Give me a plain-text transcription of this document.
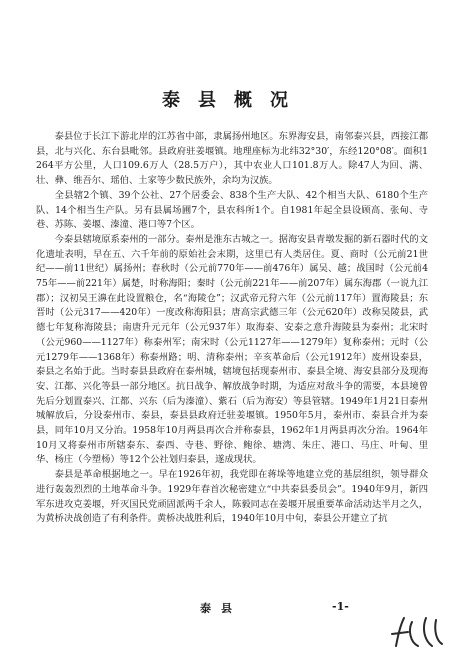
泰县概况

泰县位于长江下游北岸的江苏省中部，隶属扬州地区。东界海安县，南邻泰兴县，西接江都县，北与兴化、东台县毗邻。县政府驻姜堰镇。地理座标为北纬32°30′，东经120°08′。面积1264平方公里，人口109.6万人（28.5万户），其中农业人口101.8万人。除47人为回、满、壮、彝、维吾尔、瑶伯、土家等少数民族外，余均为汉族。

全县辖2个镇、39个公社、27个居委会、838个生产大队、42个相当大队、6180个生产队、14个相当生产队。另有县属场圃7个，县农科所1个。自1981年起全县设顾高、张甸、寺巷、苏陈、姜堰、溱潼、港口等7个区。

今泰县辖境原系泰州的一部分。泰州是淮东古城之一。据海安县青墩发掘的新石器时代的文化遗址表明，早在五、六千年前的原始社会末期，这里已有人类居住。夏、商时（公元前21世纪——前11世纪）属扬州；春秋时（公元前770年——前476年）属吴、越；战国时（公元前475年——前221年）属楚，时称海阳；秦时（公元前221年——前207年）属东海郡（一说九江郡）；汉初吴王濞在此设置粮仓，名“海陵仓”；汉武帝元狩六年（公元前117年）置海陵县；东晋时（公元317——420年）一度改称海阳县；唐高宗武德三年（公元620年）改称吴陵县，武德七年复称海陵县；南唐升元元年（公元937年）取海泰、安泰之意升海陵县为泰州；北宋时（公元960——1127年）称泰州军；南宋时（公元1127年——1279年）复称泰州；元时（公元1279年——1368年）称泰州路；明、清称泰州；辛亥革命后（公元1912年）废州设泰县，泰县之名始于此。当时泰县县政府在泰州城，辖境包括现泰州市、泰县全境、海安县部分及现海安、江都、兴化等县一部分地区。抗日战争、解放战争时期，为适应对敌斗争的需要，本县境曾先后分划置泰兴、江都、兴东（后为溱潼）、紫石（后为海安）等县管辖。1949年1月21日泰州城解放后，分设泰州市、泰县，泰县县政府迁驻姜堰镇。1950年5月，泰州市、泰县合并为泰县，同年10月又分治。1958年10月两县再次合并称泰县，1962年1月两县再次分治。1964年10月又将泰州市所辖泰东、泰西、寺巷、野徐、鲍徐、塘湾、朱庄、港口、马庄、叶甸、里华、杨庄（今塑杨）等12个公社划归泰县，遂成现状。

泰县是革命根据地之一。早在1926年初，我党即在蒋垛等地建立党的基层组织，领导群众进行轰轰烈烈的土地革命斗争。1929年春首次秘密建立“中共泰县委员会”。1940年9月，新四军东进攻克姜堰，歼灭国民党顽固派两千余人，陈毅同志在姜堰开展重要革命活动达半月之久，为黄桥决战创造了有利条件。黄桥决战胜利后，1940年10月中旬，泰县公开建立了抗

泰县	-1-
